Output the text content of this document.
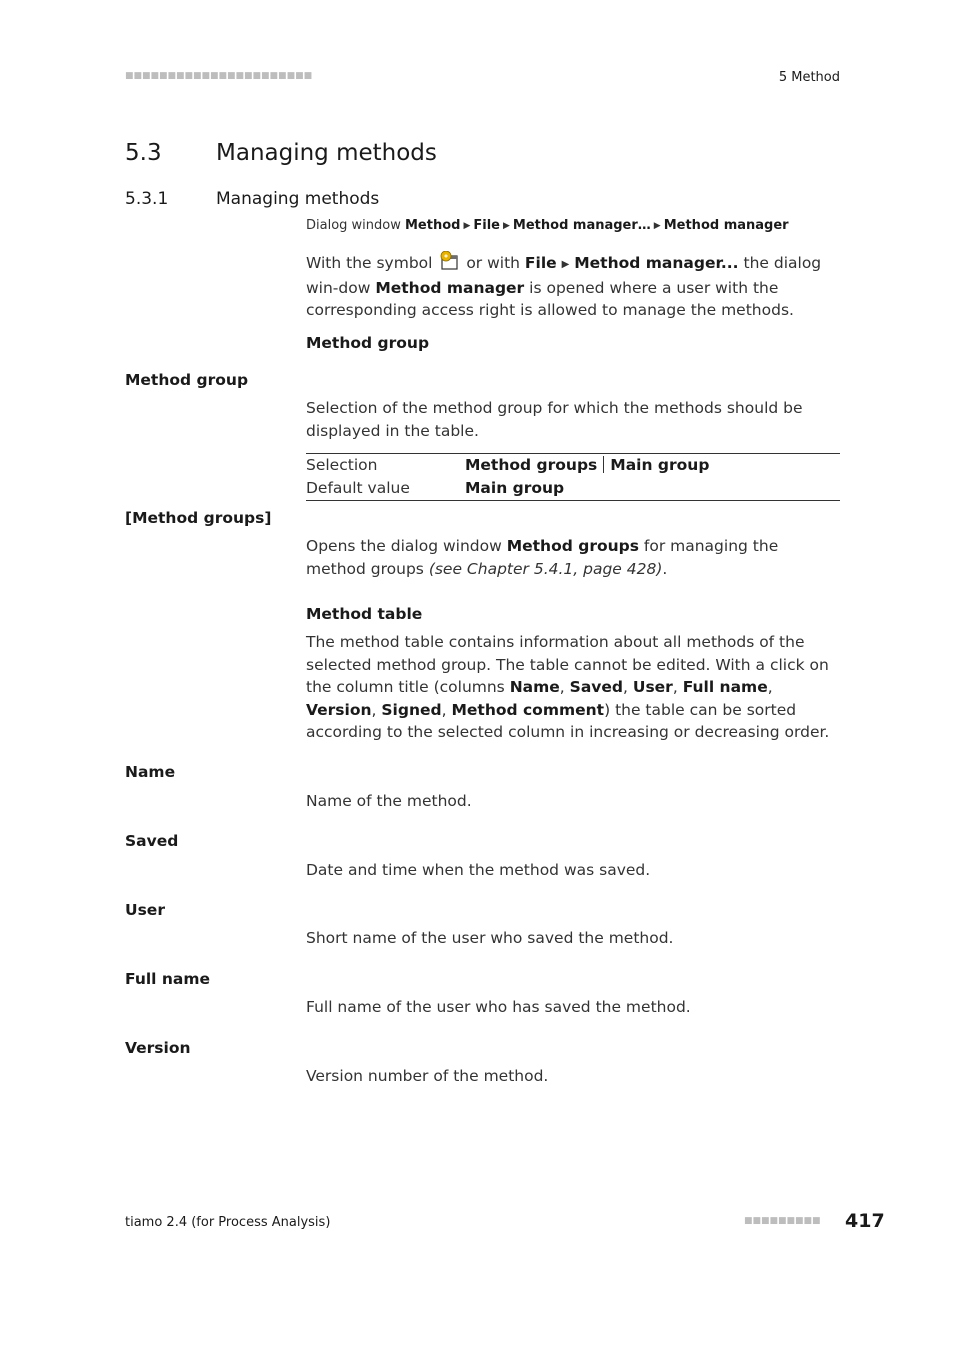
■■■■■■■■■■■■■■■■■■■■■■	5 Method
5.3 Managing methods
5.3.1	Managing methods
Dialog window Method ▶ File ▶ Method manager… ▶ Method manager
With the symbol  or with File ▶ Method manager... the dialog win-dow Method manager is opened where a user with the corresponding access right is allowed to manage the methods.
Method group
Method group
Selection of the method group for which the methods should be displayed in the table.
Selection	Method groups Main group
Default value	Main group
[Method groups]
Opens the dialog window Method groups for managing the method groups (see Chapter 5.4.1, page 428).
Method table
The method table contains information about all methods of the selected method group. The table cannot be edited. With a click on the column title (columns Name, Saved, User, Full name, Version, Signed, Method comment) the table can be sorted according to the selected column in increasing or decreasing order.
Name
Name of the method.
Saved
Date and time when the method was saved.
User
Short name of the user who saved the method.
Full name
Full name of the user who has saved the method.
Version
Version number of the method.
tiamo 2.4 (for Process Analysis)	■■■■■■■■■ 417
